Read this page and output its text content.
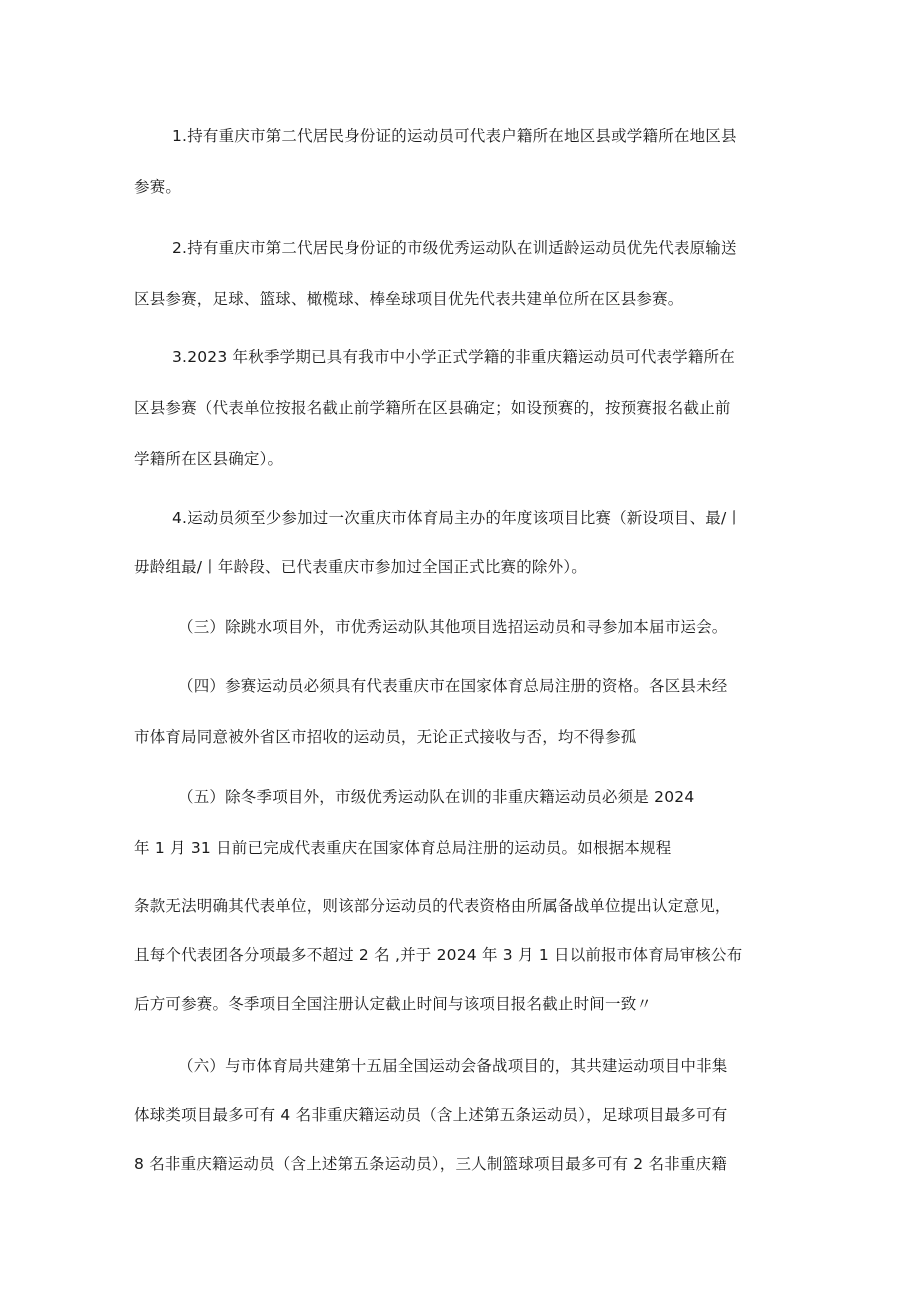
1.持有重庆市第二代居民身份证的运动员可代表户籍所在地区县或学籍所在地区县
参赛。
2.持有重庆市第二代居民身份证的市级优秀运动队在训适龄运动员优先代表原输送
区县参赛，足球、篮球、橄榄球、棒垒球项目优先代表共建单位所在区县参赛。
3.2023 年秋季学期已具有我市中小学正式学籍的非重庆籍运动员可代表学籍所在
区县参赛（代表单位按报名截止前学籍所在区县确定；如设预赛的，按预赛报名截止前
学籍所在区县确定）。
4.运动员须至少参加过一次重庆市体育局主办的年度该项目比赛（新设项目、最/丨
毋龄组最/丨年龄段、已代表重庆市参加过全国正式比赛的除外）。
（三）除跳水项目外，市优秀运动队其他项目选招运动员和寻参加本届市运会。
（四）参赛运动员必须具有代表重庆市在国家体育总局注册的资格。各区县未经
市体育局同意被外省区市招收的运动员，无论正式接收与否，均不得参孤
（五）除冬季项目外，市级优秀运动队在训的非重庆籍运动员必须是 2024
年 1 月 31 日前已完成代表重庆在国家体育总局注册的运动员。如根据本规程
条款无法明确其代表单位，则该部分运动员的代表资格由所属备战单位提出认定意见，
且每个代表团各分项最多不超过 2 名 ,并于 2024 年 3 月 1 日以前报市体育局审核公布
后方可参赛。冬季项目全国注册认定截止时间与该项目报名截止时间一致〃
（六）与市体育局共建第十五届全国运动会备战项目的，其共建运动项目中非集
体球类项目最多可有 4 名非重庆籍运动员（含上述第五条运动员），足球项目最多可有
8 名非重庆籍运动员（含上述第五条运动员），三人制篮球项目最多可有 2 名非重庆籍
